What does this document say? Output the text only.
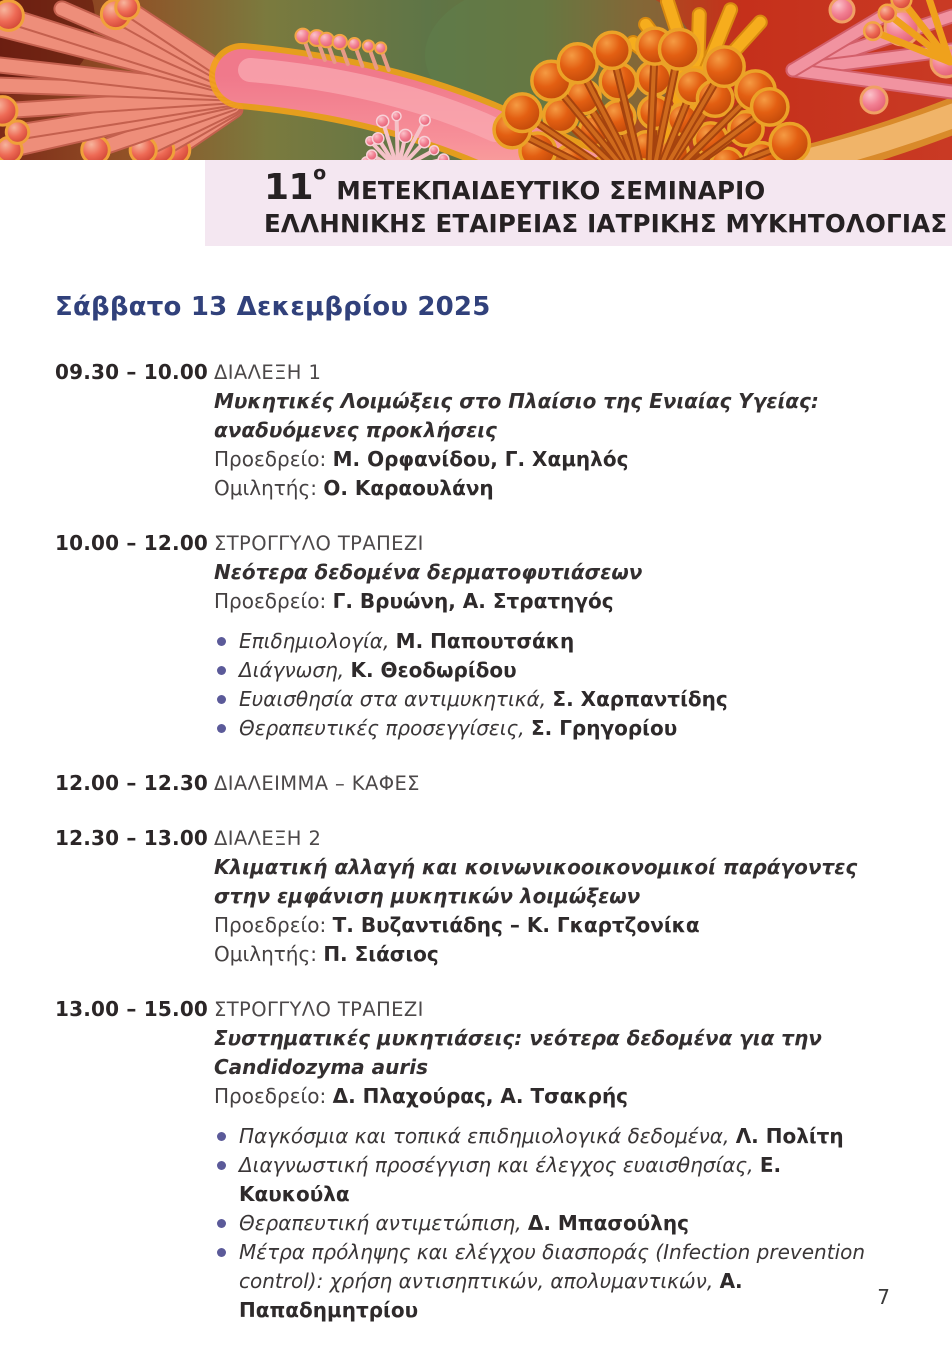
$11^oMETEK\Pi AI\Delta E\Upsilon TIKO$ ΣΕΜΙΝΑΡΙΟ
ΕΛΛΗΝΙΚΗΣ ΕΤΑΙΡΕΙΑΣ ΙΑΤΡΙΚΗΣ ΜΥΚΗΤΟΛΟΓΙΑΣ
Σάββατο 13 Δεκεμβρίου 2025
09.30 – 10.00 ΔΙΑΛΕΞΗ 1
Μυκητικές Λοιμώξεις στο Πλαίσιο της Ενιαίας Υγείας: αναδυόμενες προκλήσεις
Προεδρείο: Μ. Ορφανίδου, Γ. Χαμηλός
Ομιλητής: Ο. Καραουλάνη
10.00 – 12.00 ΣΤΡΟΓΓΥΛΟ ΤΡΑΠΕΖΙ
Νεότερα δεδομένα δερματοφυτιάσεων
Προεδρείο: Γ. Βρυώνη, Α. Στρατηγός
Επιδημιολογία, Μ. Παπουτσάκη
Διάγνωση, Κ. Θεοδωρίδου
Ευαισθησία στα αντιμυκητικά, Σ. Χαρπαντίδης
Θεραπευτικές προσεγγίσεις, Σ. Γρηγορίου
12.00 – 12.30 ΔΙΑΛΕΙΜΜΑ – ΚΑΦΕΣ
12.30 – 13.00 ΔΙΑΛΕΞΗ 2
Κλιματική αλλαγή και κοινωνικοοικονομικοί παράγοντες στην εμφάνιση μυκητικών λοιμώξεων
Προεδρείο: Τ. Βυζαντιάδης – Κ. Γκαρτζονίκα
Ομιλητής: Π. Σιάσιος
13.00 – 15.00 ΣΤΡΟΓΓΥΛΟ ΤΡΑΠΕΖΙ
Συστηματικές μυκητιάσεις: νεότερα δεδομένα για την Candidozyma auris
Προεδρείο: Δ. Πλαχούρας, Α. Τσακρής
Παγκόσμια και τοπικά επιδημιολογικά δεδομένα, Λ. Πολίτη
Διαγνωστική προσέγγιση και έλεγχος ευαισθησίας, Ε. Καυκούλα
Θεραπευτική αντιμετώπιση, Δ. Μπασούλης
Μέτρα πρόληψης και ελέγχου διασποράς (Infection prevention control): χρήση αντισηπτικών, απολυμαντικών, Α. Παπαδημητρίου
7
